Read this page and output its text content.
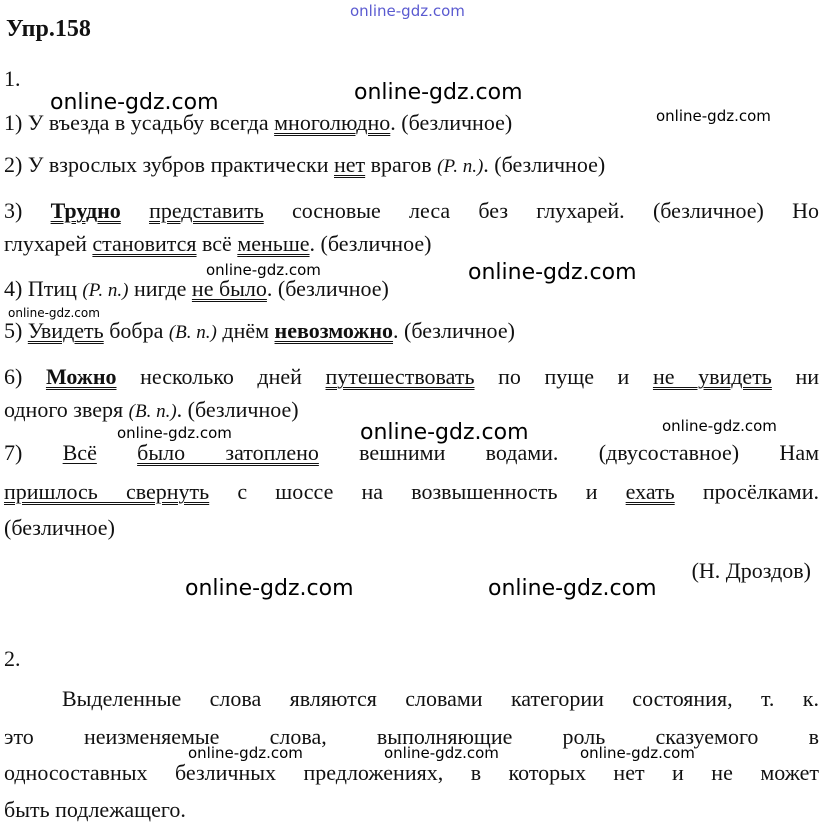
online-gdz.com
Упр.158
1.
1) У въезда в усадьбу всегда многолюдно. (безличное)
2) У взрослых зубров практически нет врагов (Р. п.). (безличное)
3) Трудно представить сосновые леса без глухарей. (безличное) Но
глухарей становится всё меньше. (безличное)
4) Птиц (Р. п.) нигде не было. (безличное)
5) Увидеть бобра (В. п.) днём невозможно. (безличное)
6) Можно несколько дней путешествовать по пуще и не увидеть ни
одного зверя (В. п.). (безличное)
7) Всё было затоплено вешними водами. (двусоставное) Нам
пришлось свернуть с шоссе на возвышенность и ехать просёлками.
(безличное)
(Н. Дроздов)
2.
Выделенные слова являются словами категории состояния, т. к.
это неизменяемые слова, выполняющие роль сказуемого в
односоставных безличных предложениях, в которых нет и не может
быть подлежащего.
online-gdz.com	online-gdz.com
online-gdz.com
online-gdz.com	online-gdz.com
online-gdz.com
online-gdz.com	online-gdz.com	online-gdz.com
online-gdz.com	online-gdz.com
online-gdz.com	online-gdz.com	online-gdz.com
